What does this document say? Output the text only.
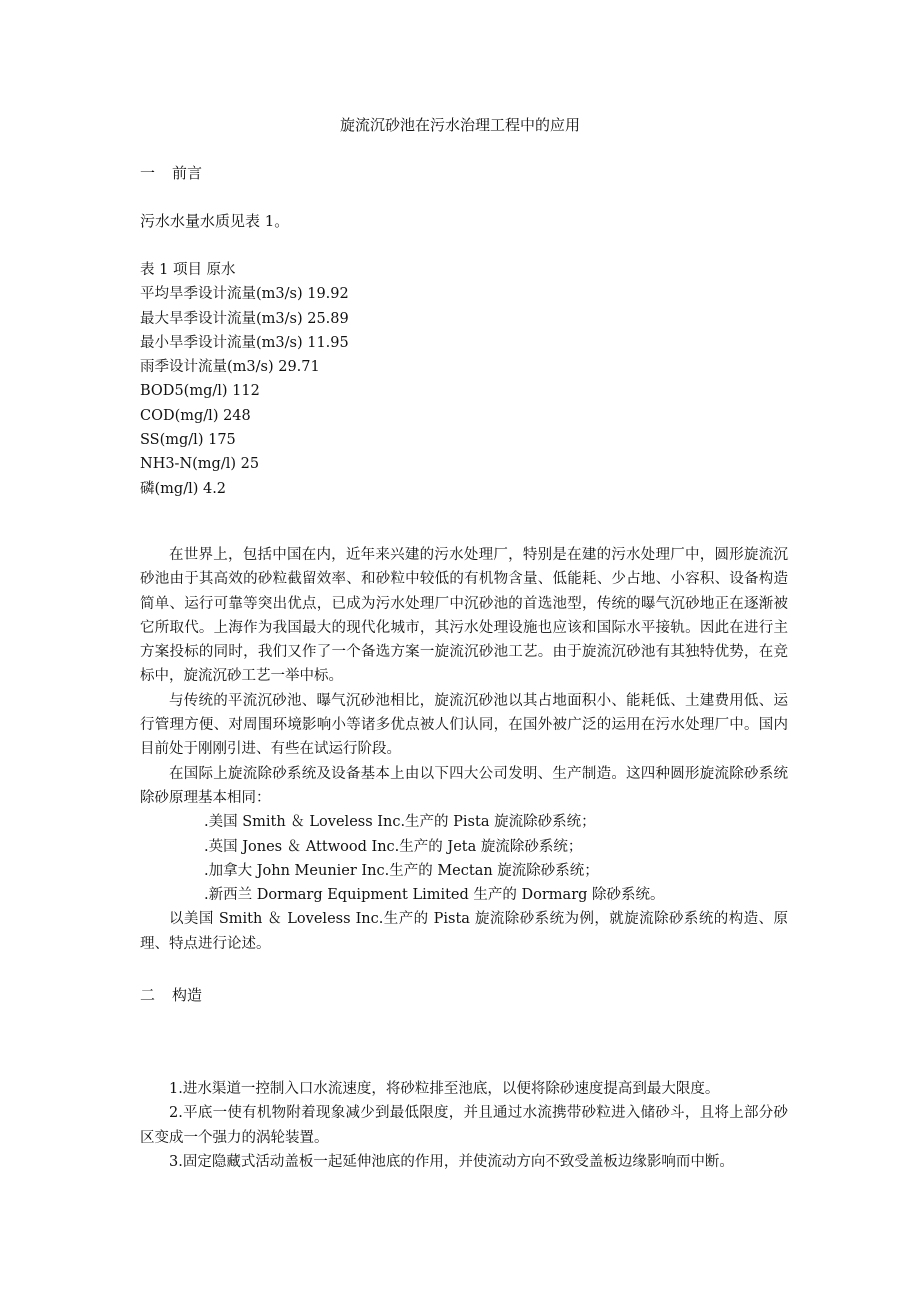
旋流沉砂池在污水治理工程中的应用
一 前言
污水水量水质见表 1。
表 1 项目 原水
平均旱季设计流量(m3/s) 19.92
最大旱季设计流量(m3/s) 25.89
最小旱季设计流量(m3/s) 11.95
雨季设计流量(m3/s) 29.71
BOD5(mg/l) 112
COD(mg/l) 248
SS(mg/l) 175
NH3-N(mg/l) 25
磷(mg/l) 4.2

在世界上，包括中国在内，近年来兴建的污水处理厂，特别是在建的污水处理厂中，圆形旋流沉砂池由于其高效的砂粒截留效率、和砂粒中较低的有机物含量、低能耗、少占地、小容积、设备构造简单、运行可靠等突出优点，已成为污水处理厂中沉砂池的首选池型，传统的曝气沉砂地正在逐渐被它所取代。上海作为我国最大的现代化城市，其污水处理设施也应该和国际水平接轨。因此在进行主方案投标的同时，我们又作了一个备选方案一旋流沉砂池工艺。由于旋流沉砂池有其独特优势，在竞标中，旋流沉砂工艺一举中标。

与传统的平流沉砂池、曝气沉砂池相比，旋流沉砂池以其占地面积小、能耗低、土建费用低、运行管理方便、对周围环境影响小等诸多优点被人们认同，在国外被广泛的运用在污水处理厂中。国内目前处于刚刚引进、有些在试运行阶段。

在国际上旋流除砂系统及设备基本上由以下四大公司发明、生产制造。这四种圆形旋流除砂系统除砂原理基本相同：

.美国 Smith ＆ Loveless Inc.生产的 Pista 旋流除砂系统；

.英国 Jones ＆ Attwood Inc.生产的 Jeta 旋流除砂系统；

.加拿大 John Meunier Inc.生产的 Mectan 旋流除砂系统；

.新西兰 Dormarg Equipment Limited 生产的 Dormarg 除砂系统。

以美国 Smith ＆ Loveless Inc.生产的 Pista 旋流除砂系统为例，就旋流除砂系统的构造、原理、特点进行论述。

二 构造

1.进水渠道一控制入口水流速度，将砂粒排至池底，以便将除砂速度提高到最大限度。

2.平底一使有机物附着现象减少到最低限度，并且通过水流携带砂粒进入储砂斗，且将上部分砂区变成一个强力的涡轮装置。

3.固定隐藏式活动盖板一起延伸池底的作用，并使流动方向不致受盖板边缘影响而中断。
